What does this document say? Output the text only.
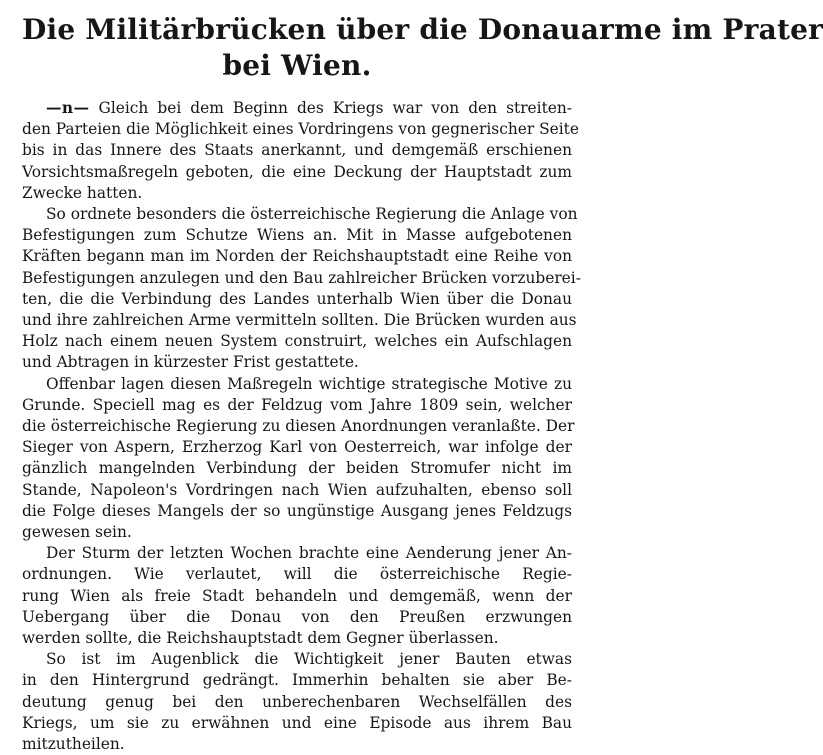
Die Militärbrücken über die Donauarme im Prater
bei Wien.

—n— Gleich bei dem Beginn des Kriegs war von den streiten-
den Parteien die Möglichkeit eines Vordringens von gegnerischer Seite
bis in das Innere des Staats anerkannt, und demgemäß erschienen
Vorsichtsmaßregeln geboten, die eine Deckung der Hauptstadt zum
Zwecke hatten.

So ordnete besonders die österreichische Regierung die Anlage von
Befestigungen zum Schutze Wiens an. Mit in Masse aufgebotenen
Kräften begann man im Norden der Reichshauptstadt eine Reihe von
Befestigungen anzulegen und den Bau zahlreicher Brücken vorzuberei-
ten, die die Verbindung des Landes unterhalb Wien über die Donau
und ihre zahlreichen Arme vermitteln sollten. Die Brücken wurden aus
Holz nach einem neuen System construirt, welches ein Aufschlagen
und Abtragen in kürzester Frist gestattete.

Offenbar lagen diesen Maßregeln wichtige strategische Motive zu
Grunde. Speciell mag es der Feldzug vom Jahre 1809 sein, welcher
die österreichische Regierung zu diesen Anordnungen veranlaßte. Der
Sieger von Aspern, Erzherzog Karl von Oesterreich, war infolge der
gänzlich mangelnden Verbindung der beiden Stromufer nicht im
Stande, Napoleon's Vordringen nach Wien aufzuhalten, ebenso soll
die Folge dieses Mangels der so ungünstige Ausgang jenes Feldzugs
gewesen sein.

Der Sturm der letzten Wochen brachte eine Aenderung jener An-
ordnungen. Wie verlautet, will die österreichische Regie-
rung Wien als freie Stadt behandeln und demgemäß, wenn der
Uebergang über die Donau von den Preußen erzwungen
werden sollte, die Reichshauptstadt dem Gegner überlassen.

So ist im Augenblick die Wichtigkeit jener Bauten etwas
in den Hintergrund gedrängt. Immerhin behalten sie aber Be-
deutung genug bei den unberechenbaren Wechselfällen des
Kriegs, um sie zu erwähnen und eine Episode aus ihrem Bau
mitzutheilen.
